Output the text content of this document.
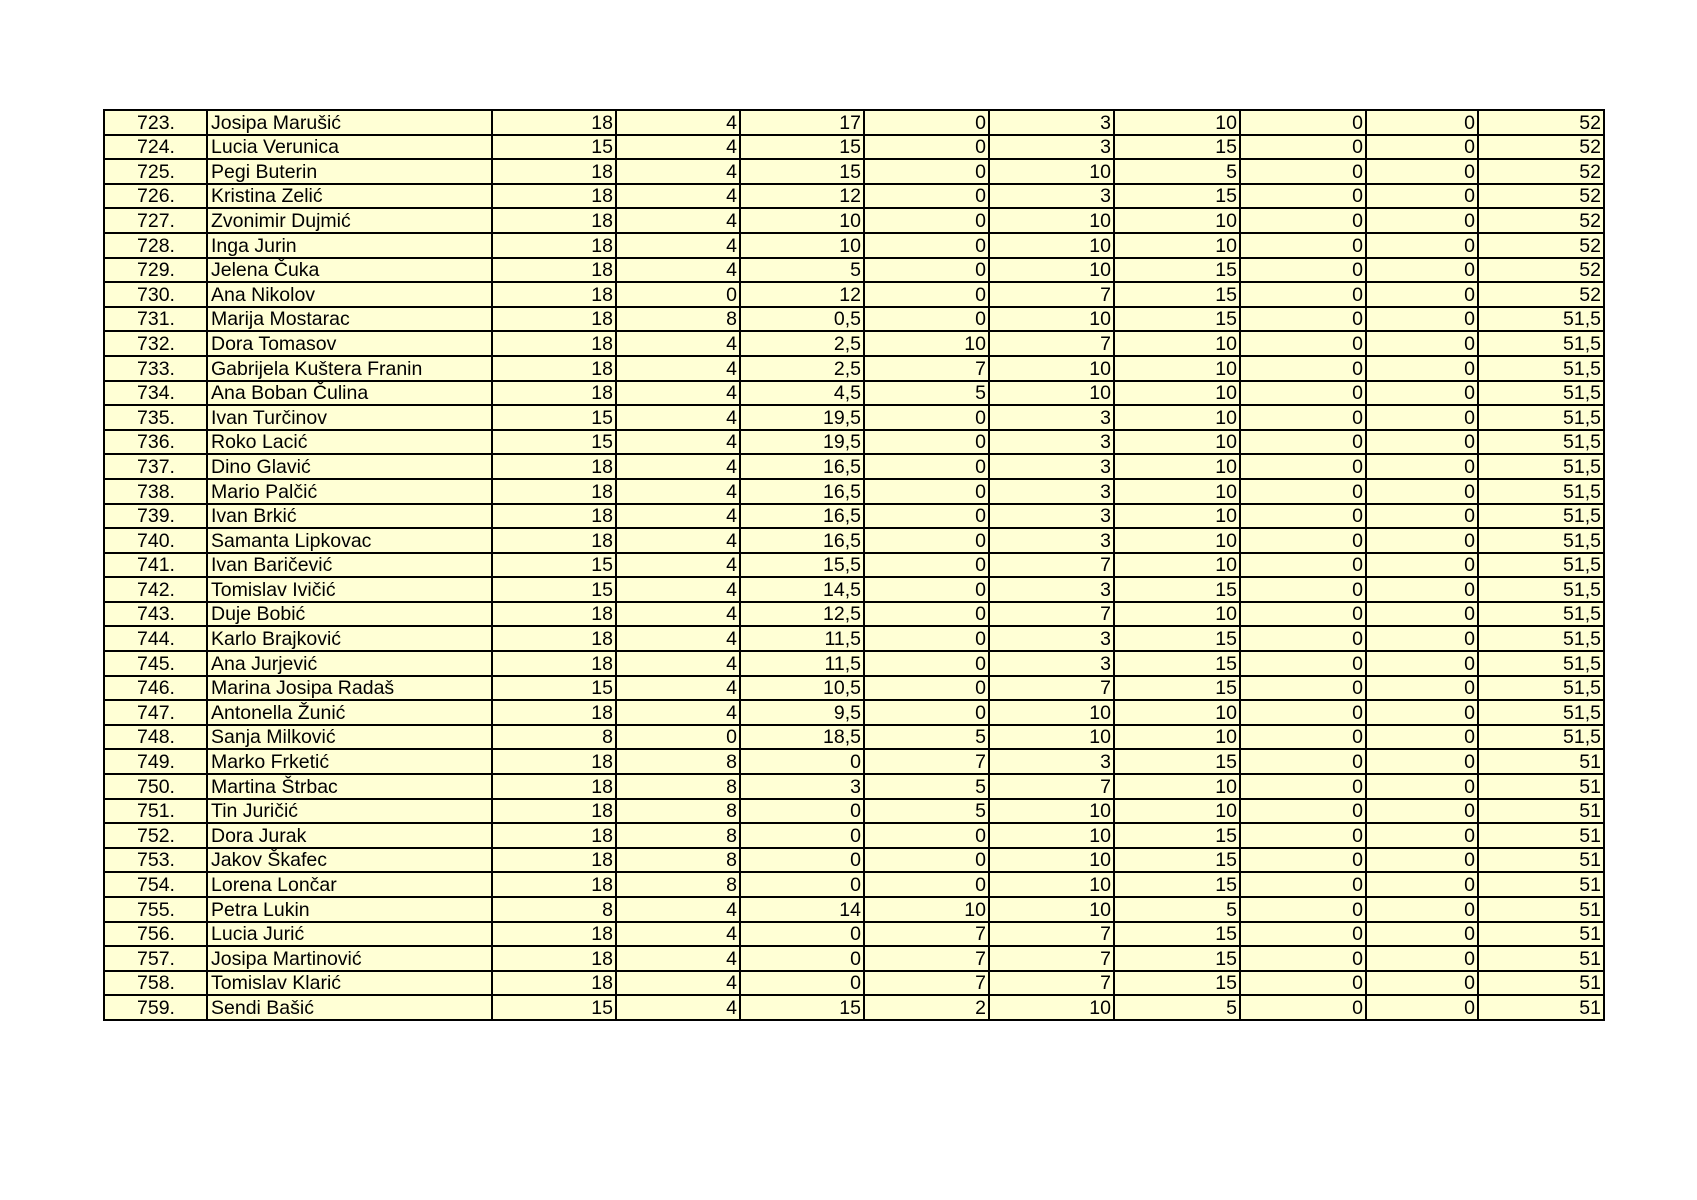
723.	Josipa Marušić	18	4	17	0	3	10	0	0	52
724.	Lucia Verunica	15	4	15	0	3	15	0	0	52
725.	Pegi Buterin	18	4	15	0	10	5	0	0	52
726.	Kristina Zelić	18	4	12	0	3	15	0	0	52
727.	Zvonimir Dujmić	18	4	10	0	10	10	0	0	52
728.	Inga Jurin	18	4	10	0	10	10	0	0	52
729.	Jelena Čuka	18	4	5	0	10	15	0	0	52
730.	Ana Nikolov	18	0	12	0	7	15	0	0	52
731.	Marija Mostarac	18	8	0,5	0	10	15	0	0	51,5
732.	Dora Tomasov	18	4	2,5	10	7	10	0	0	51,5
733.	Gabrijela Kuštera Franin	18	4	2,5	7	10	10	0	0	51,5
734.	Ana Boban Čulina	18	4	4,5	5	10	10	0	0	51,5
735.	Ivan Turčinov	15	4	19,5	0	3	10	0	0	51,5
736.	Roko Lacić	15	4	19,5	0	3	10	0	0	51,5
737.	Dino Glavić	18	4	16,5	0	3	10	0	0	51,5
738.	Mario Palčić	18	4	16,5	0	3	10	0	0	51,5
739.	Ivan Brkić	18	4	16,5	0	3	10	0	0	51,5
740.	Samanta Lipkovac	18	4	16,5	0	3	10	0	0	51,5
741.	Ivan Baričević	15	4	15,5	0	7	10	0	0	51,5
742.	Tomislav Ivičić	15	4	14,5	0	3	15	0	0	51,5
743.	Duje Bobić	18	4	12,5	0	7	10	0	0	51,5
744.	Karlo Brajković	18	4	11,5	0	3	15	0	0	51,5
745.	Ana Jurjević	18	4	11,5	0	3	15	0	0	51,5
746.	Marina Josipa Radaš	15	4	10,5	0	7	15	0	0	51,5
747.	Antonella Žunić	18	4	9,5	0	10	10	0	0	51,5
748.	Sanja Milković	8	0	18,5	5	10	10	0	0	51,5
749.	Marko Frketić	18	8	0	7	3	15	0	0	51
750.	Martina Štrbac	18	8	3	5	7	10	0	0	51
751.	Tin Juričić	18	8	0	5	10	10	0	0	51
752.	Dora Jurak	18	8	0	0	10	15	0	0	51
753.	Jakov Škafec	18	8	0	0	10	15	0	0	51
754.	Lorena Lončar	18	8	0	0	10	15	0	0	51
755.	Petra Lukin	8	4	14	10	10	5	0	0	51
756.	Lucia Jurić	18	4	0	7	7	15	0	0	51
757.	Josipa Martinović	18	4	0	7	7	15	0	0	51
758.	Tomislav Klarić	18	4	0	7	7	15	0	0	51
759.	Sendi Bašić	15	4	15	2	10	5	0	0	51
